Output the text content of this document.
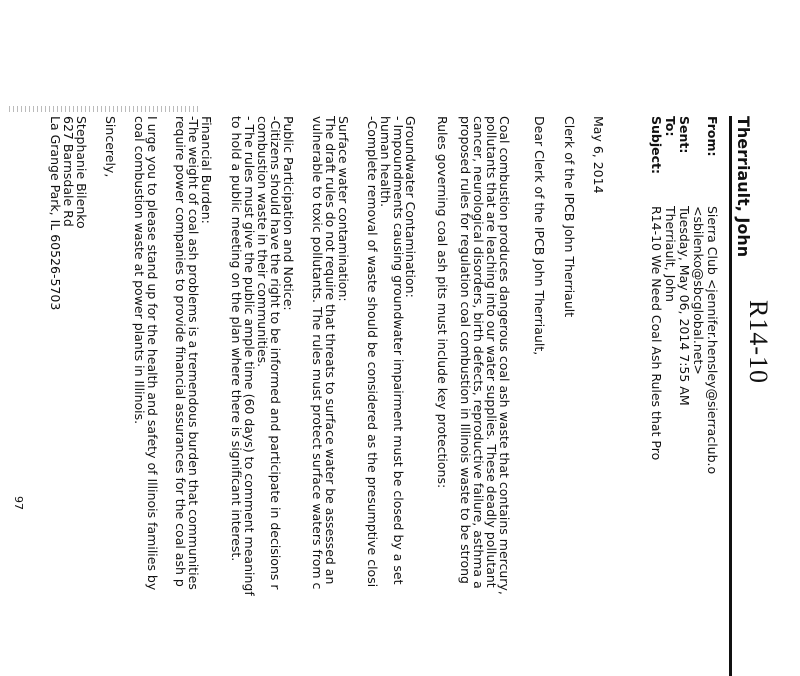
R14-10
Therriault, John
From:
Sierra Club <jennifer.hensley@sierraclub.o
<sbilenko@sbcglobal.net>
Sent:
Tuesday, May 06, 2014 7:55 AM
To:
Therriault, John
Subject:
R14-10 We Need Coal Ash Rules that Pro
May 6, 2014
Clerk of the IPCB John Therriault
Dear Clerk of the IPCB John Therriault,
Coal combustion produces dangerous coal ash waste that contains mercury,
pollutants that are leaching into our water supplies. These deadly pollutant
cancer, neurological disorders, birth defects, reproductive failure, asthma a
proposed rules for regulation coal combustion in Illinois waste to be strong
Rules governing coal ash pits must include key protections:
Groundwater Contamination:
- Impoundments causing groundwater impairment must be closed by a set
human health.
-Complete removal of waste should be considered as the presumptive closi
Surface water contamination:
The draft rules do not require that threats to surface water be assessed an
vulnerable to toxic pollutants. The rules must protect surface waters from c
Public Participation and Notice:
-Citizens should have the right to be informed and participate in decisions r
combustion waste in their communities.
- The rules must give the public ample time (60 days) to comment meaningf
to hold a public meeting on the plan where there is significant interest.
Financial Burden:
-The weight of coal ash problems is a tremendous burden that communities
require power companies to provide financial assurances for the coal ash p
I urge you to please stand up for the health and safety of Illinois families by
coal combustion waste at power plants in Illinois.
Sincerely,
Stephanie Bilenko
627 Barnsdale Rd
La Grange Park, IL 60526-5703
97
